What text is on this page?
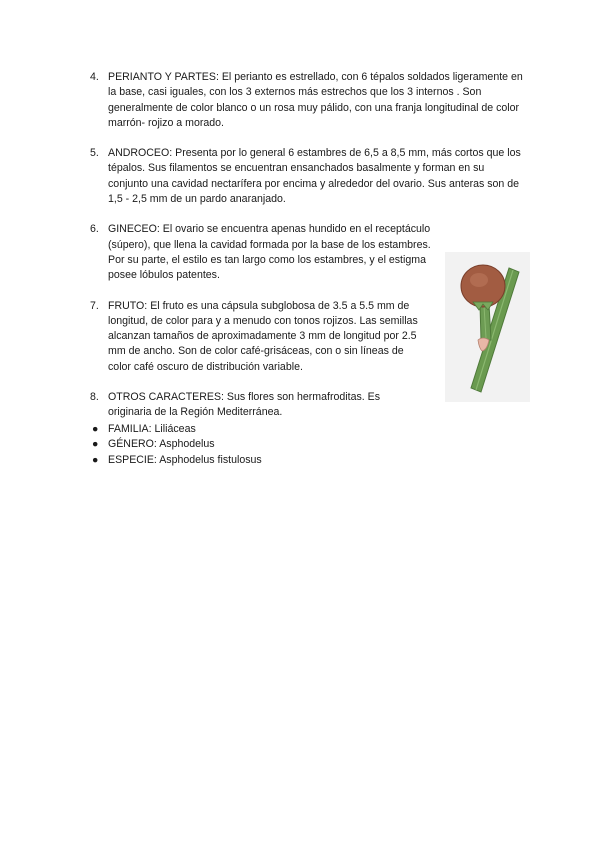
4. PERIANTO Y PARTES: El perianto es estrellado, con 6 tépalos soldados ligeramente en la base, casi iguales, con los 3 externos más estrechos que los 3 internos . Son generalmente de color blanco o un rosa muy pálido, con una franja longitudinal de color marrón- rojizo a morado.
5. ANDROCEO: Presenta por lo general 6 estambres de 6,5 a 8,5 mm, más cortos que los tépalos. Sus filamentos se encuentran ensanchados basalmente y forman en su conjunto una cavidad nectarífera por encima y alrededor del ovario. Sus anteras son de 1,5 - 2,5 mm de un pardo anaranjado.
6. GINECEO: El ovario se encuentra apenas hundido en el receptáculo (súpero), que llena la cavidad formada por la base de los estambres. Por su parte, el estilo es tan largo como los estambres, y el estigma posee lóbulos patentes.
7. FRUTO: El fruto es una cápsula subglobosa de 3.5 a 5.5 mm de longitud, de color para y a menudo con tonos rojizos. Las semillas alcanzan tamaños de aproximadamente 3 mm de longitud por 2.5 mm de ancho. Son de color café-grisáceas, con o sin líneas de color café oscuro de distribución variable.
8. OTROS CARACTERES: Sus flores son hermafroditas. Es originaria de la Región Mediterránea.
● FAMILIA: Liliáceas
● GÉNERO: Asphodelus
● ESPECIE: Asphodelus fistulosus
